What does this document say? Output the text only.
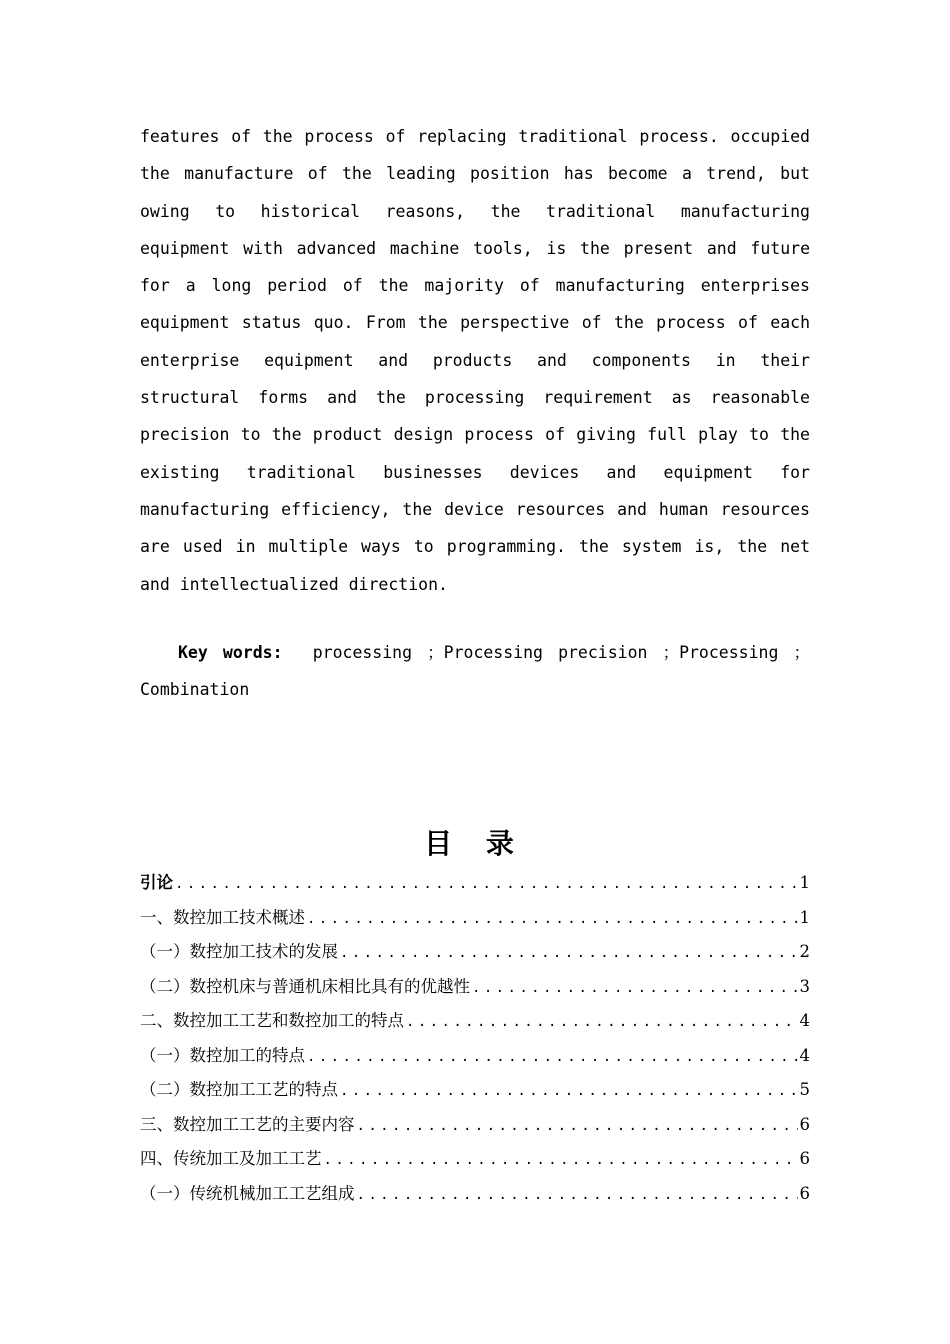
features of the process of replacing traditional process. occupied the manufacture of the leading position has become a trend, but owing to historical reasons, the traditional manufacturing equipment with advanced machine tools, is the present and future for a long period of the majority of manufacturing enterprises equipment status quo. From the perspective of the process of each enterprise equipment and products and components in their structural forms and the processing requirement as reasonable precision to the product design process of giving full play to the existing traditional businesses devices and equipment for manufacturing efficiency, the device resources and human resources are used in multiple ways to programming. the system is, the net and intellectualized direction.

Key words: processing ；Processing precision ；Processing ；Combination

目 录
引论 .....	1
一、数控加工技术概述 .....	1
（一）数控加工技术的发展 .....	2
（二）数控机床与普通机床相比具有的优越性 .....	3
二、数控加工工艺和数控加工的特点 .....	4
（一）数控加工的特点 .....	4
（二）数控加工工艺的特点 .....	5
三、数控加工工艺的主要内容 .....	6
四、传统加工及加工工艺 .....	6
（一）传统机械加工工艺组成 .....	6
